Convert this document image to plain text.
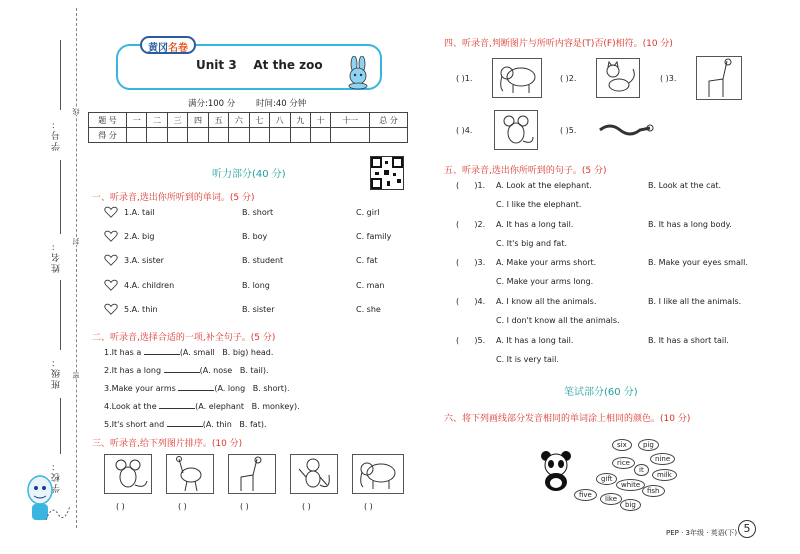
线
封
密
学号：
姓名：
班级：
学校：
黄冈名卷
Unit 3    At the zoo
满分:100 分 时间:40 分钟
题 号	一	二	三	四	五	六	七	八	九	十	十一	总 分
得 分												
听力部分(40 分)
一、听录音,选出你所听到的单词。(5 分)
1.A. tail	B. short	C. girl
2.A. big	B. boy	C. family
3.A. sister	B. student	C. fat
4.A. children	B. long	C. man
5.A. thin	B. sister	C. she
二、听录音,选择合适的一项,补全句子。(5 分)
1.It has a	(A. small   B. big) head.
2.It has a long	(A. nose   B. tail).
3.Make your arms	(A. long   B. short).
4.Look at the	(A. elephant   B. monkey).
5.It's short and	(A. thin   B. fat).
三、听录音,给下列图片排序。(10 分)
( )	( )	( )	( )	( )
四、听录音,判断图片与所听内容是(T)否(F)相符。(10 分)
( )1.	( )2.	( )3.
( )4.	( )5.
五、听录音,选出你所听到的句子。(5 分)
(      )1. A. Look at the elephant.	B. Look at the cat.
C. I like the elephant.
(      )2. A. It has a long tail.	B. It has a long body.
C. It's big and fat.
(      )3. A. Make your arms short.	B. Make your eyes small.
C. Make your arms long.
(      )4. A. I know all the animals.	B. I like all the animals.
C. I don't know all the animals.
(      )5. A. It has a long tail.	B. It has a short tail.
C. It is very tail.
笔试部分(60 分)
六、将下列画线部分发音相同的单词涂上相同的颜色。(10 分)
six	pig
nine
rice
it
milk
gift
white
fish
five	like
big
PEP · 3年级 · 英语(下) 5
